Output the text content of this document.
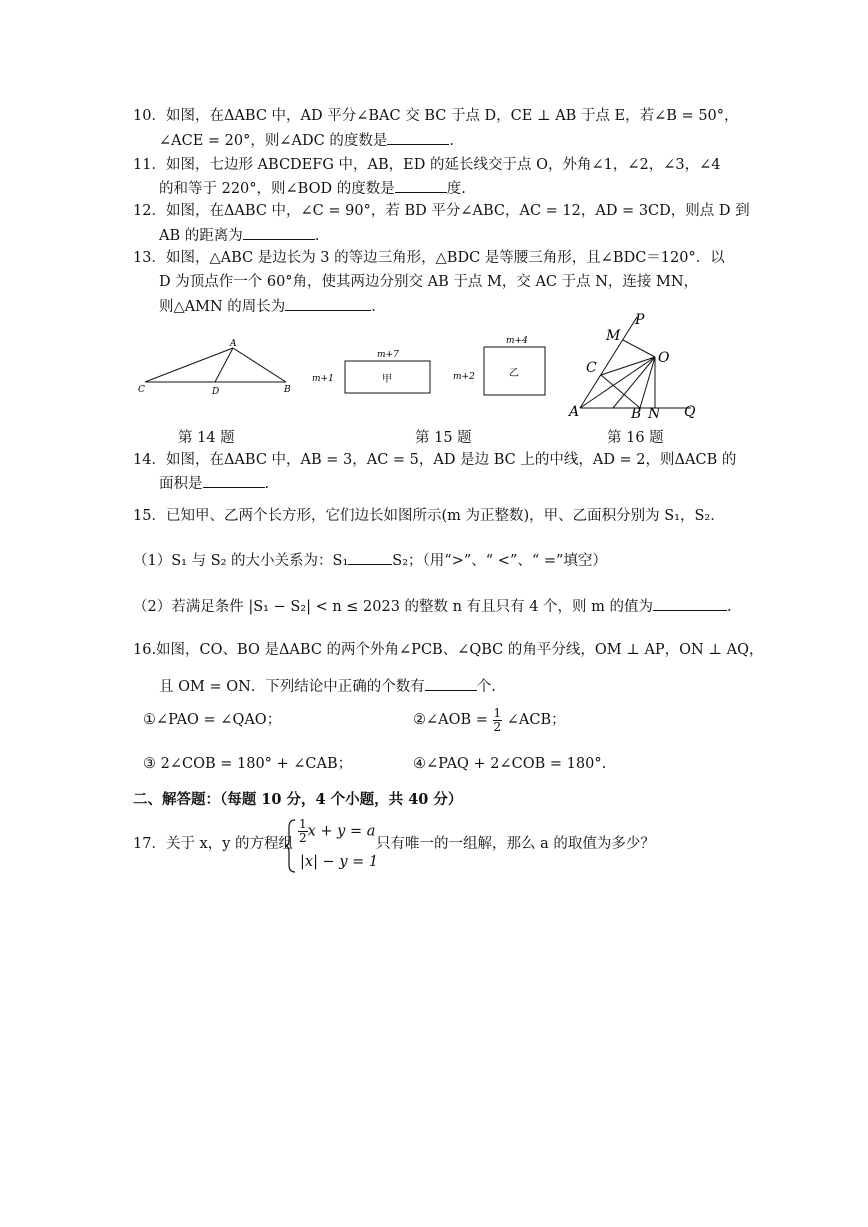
10．如图，在ΔABC 中，AD 平分∠BAC 交 BC 于点 D，CE ⊥ AB 于点 E，若∠B = 50°，
∠ACE = 20°，则∠ADC 的度数是	.
11．如图，七边形 ABCDEFG 中，AB，ED 的延长线交于点 O，外角∠1，∠2，∠3，∠4
的和等于 220°，则∠BOD 的度数是	度.
12．如图，在ΔABC 中，∠C = 90°，若 BD 平分∠ABC，AC = 12，AD = 3CD，则点 D 到
AB 的距离为	.
13．如图，△ABC 是边长为 3 的等边三角形，△BDC 是等腰三角形，且∠BDC＝120°．以
D 为顶点作一个 60°角，使其两边分别交 AB 于点 M，交 AC 于点 N，连接 MN，
则△AMN 的周长为	.
A
C	D	B
m+7
m+1	甲
m+4
m+2	乙
P
M
O
C
A	B N Q
第 14 题	第 15 题	第 16 题
14．如图，在ΔABC 中，AB = 3，AC = 5，AD 是边 BC 上的中线，AD = 2，则ΔACB 的
面积是	.
15．已知甲、乙两个长方形，它们边长如图所示(m 为正整数)，甲、乙面积分别为 S₁，S₂．
（1）S₁ 与 S₂ 的大小关系为：S₁	S₂；（用“>”、“ <”、“ =”填空）
（2）若满足条件 |S₁ − S₂| < n ≤ 2023 的整数 n 有且只有 4 个，则 m 的值为	.
16.如图，CO、BO 是ΔABC 的两个外角∠PCB、∠QBC 的角平分线，OM ⊥ AP，ON ⊥ AQ，
且 OM = ON．下列结论中正确的个数有	个.
①∠PAO = ∠QAO；	②∠AOB = $\frac{1}{2}$ ∠ACB；
③ 2∠COB = 180° + ∠CAB；	④∠PAQ + 2∠COB = 180°.
二、解答题：（每题 10 分，4 个小题，共 40 分）
17．关于 x，y 的方程组 $\frac{1}{2}$ x + y = a
|x| − y = 1
只有唯一的一组解，那么 a 的取值为多少？
